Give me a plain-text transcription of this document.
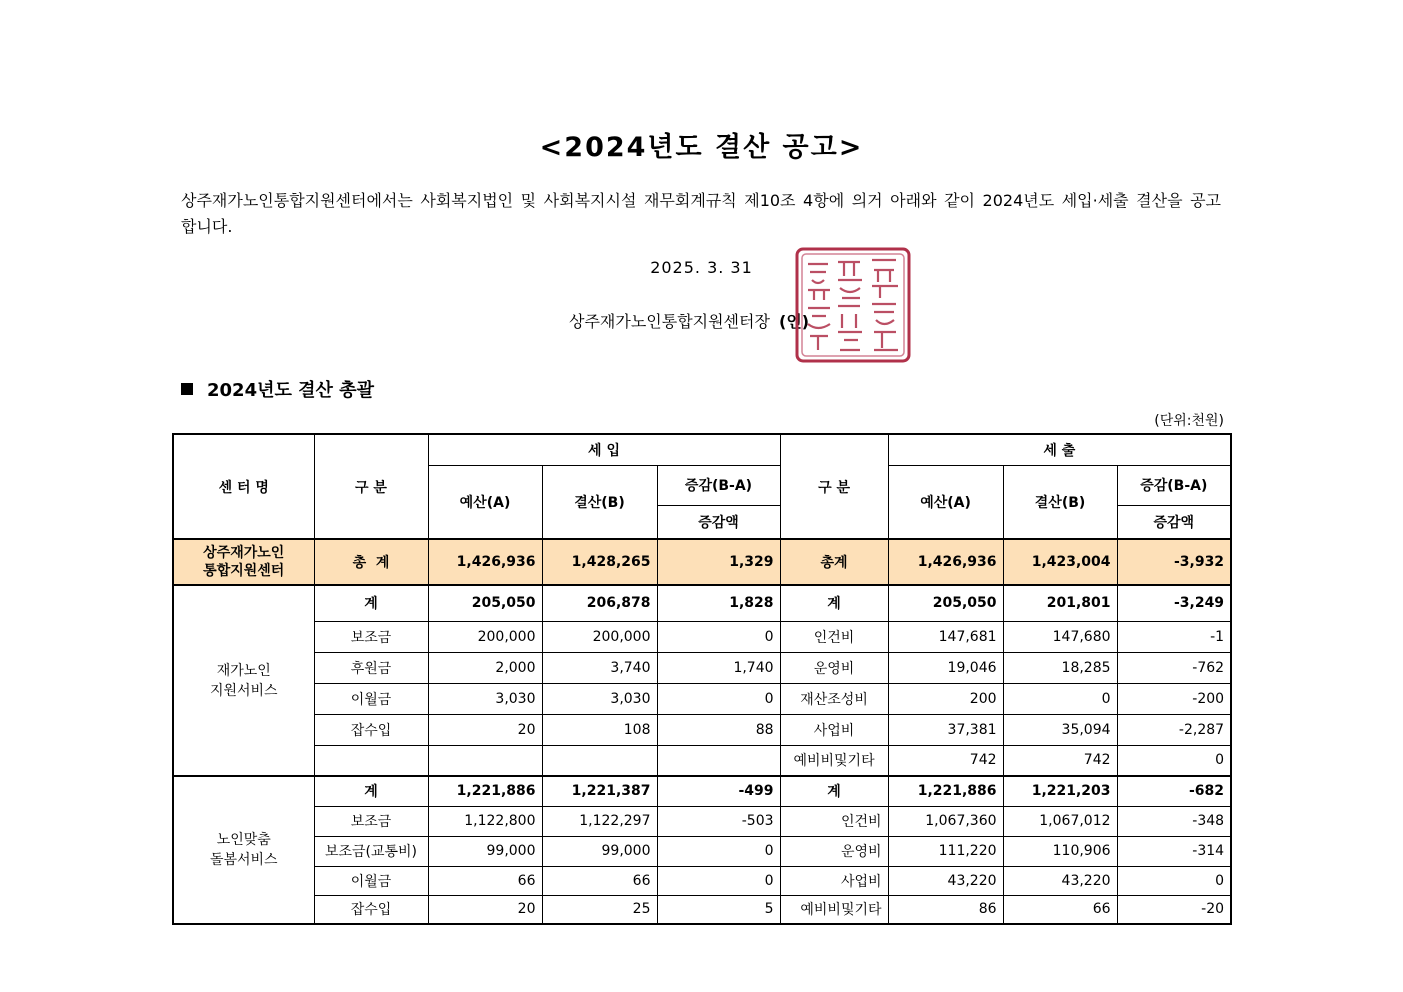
<2024년도 결산 공고>
상주재가노인통합지원센터에서는 사회복지법인 및 사회복지시설 재무회계규칙 제10조 4항에 의거 아래와 같이 2024년도 세입·세출 결산을 공고합니다.
2025. 3. 31
상주재가노인통합지원센터장 (인)
2024년도 결산 총괄
(단위:천원)
센 터 명	구 분	세 입			구 분	세 출		
		예산(A)	결산(B)	증감(B-A)		예산(A)	결산(B)	증감(B-A)
				증감액				증감액
상주재가노인
통합지원센터	총  계	1,426,936	1,428,265	1,329	총계	1,426,936	1,423,004	-3,932
재가노인
지원서비스	계	205,050	206,878	1,828	계	205,050	201,801	-3,249
	보조금	200,000	200,000	0	인건비	147,681	147,680	-1
	후원금	2,000	3,740	1,740	운영비	19,046	18,285	-762
	이월금	3,030	3,030	0	재산조성비	200	0	-200
	잡수입	20	108	88	사업비	37,381	35,094	-2,287
					예비비및기타	742	742	0
노인맞춤
돌봄서비스	계	1,221,886	1,221,387	-499	계	1,221,886	1,221,203	-682
	보조금	1,122,800	1,122,297	-503	인건비	1,067,360	1,067,012	-348
	보조금(교통비)	99,000	99,000	0	운영비	111,220	110,906	-314
	이월금	66	66	0	사업비	43,220	43,220	0
	잡수입	20	25	5	예비비및기타	86	66	-20
